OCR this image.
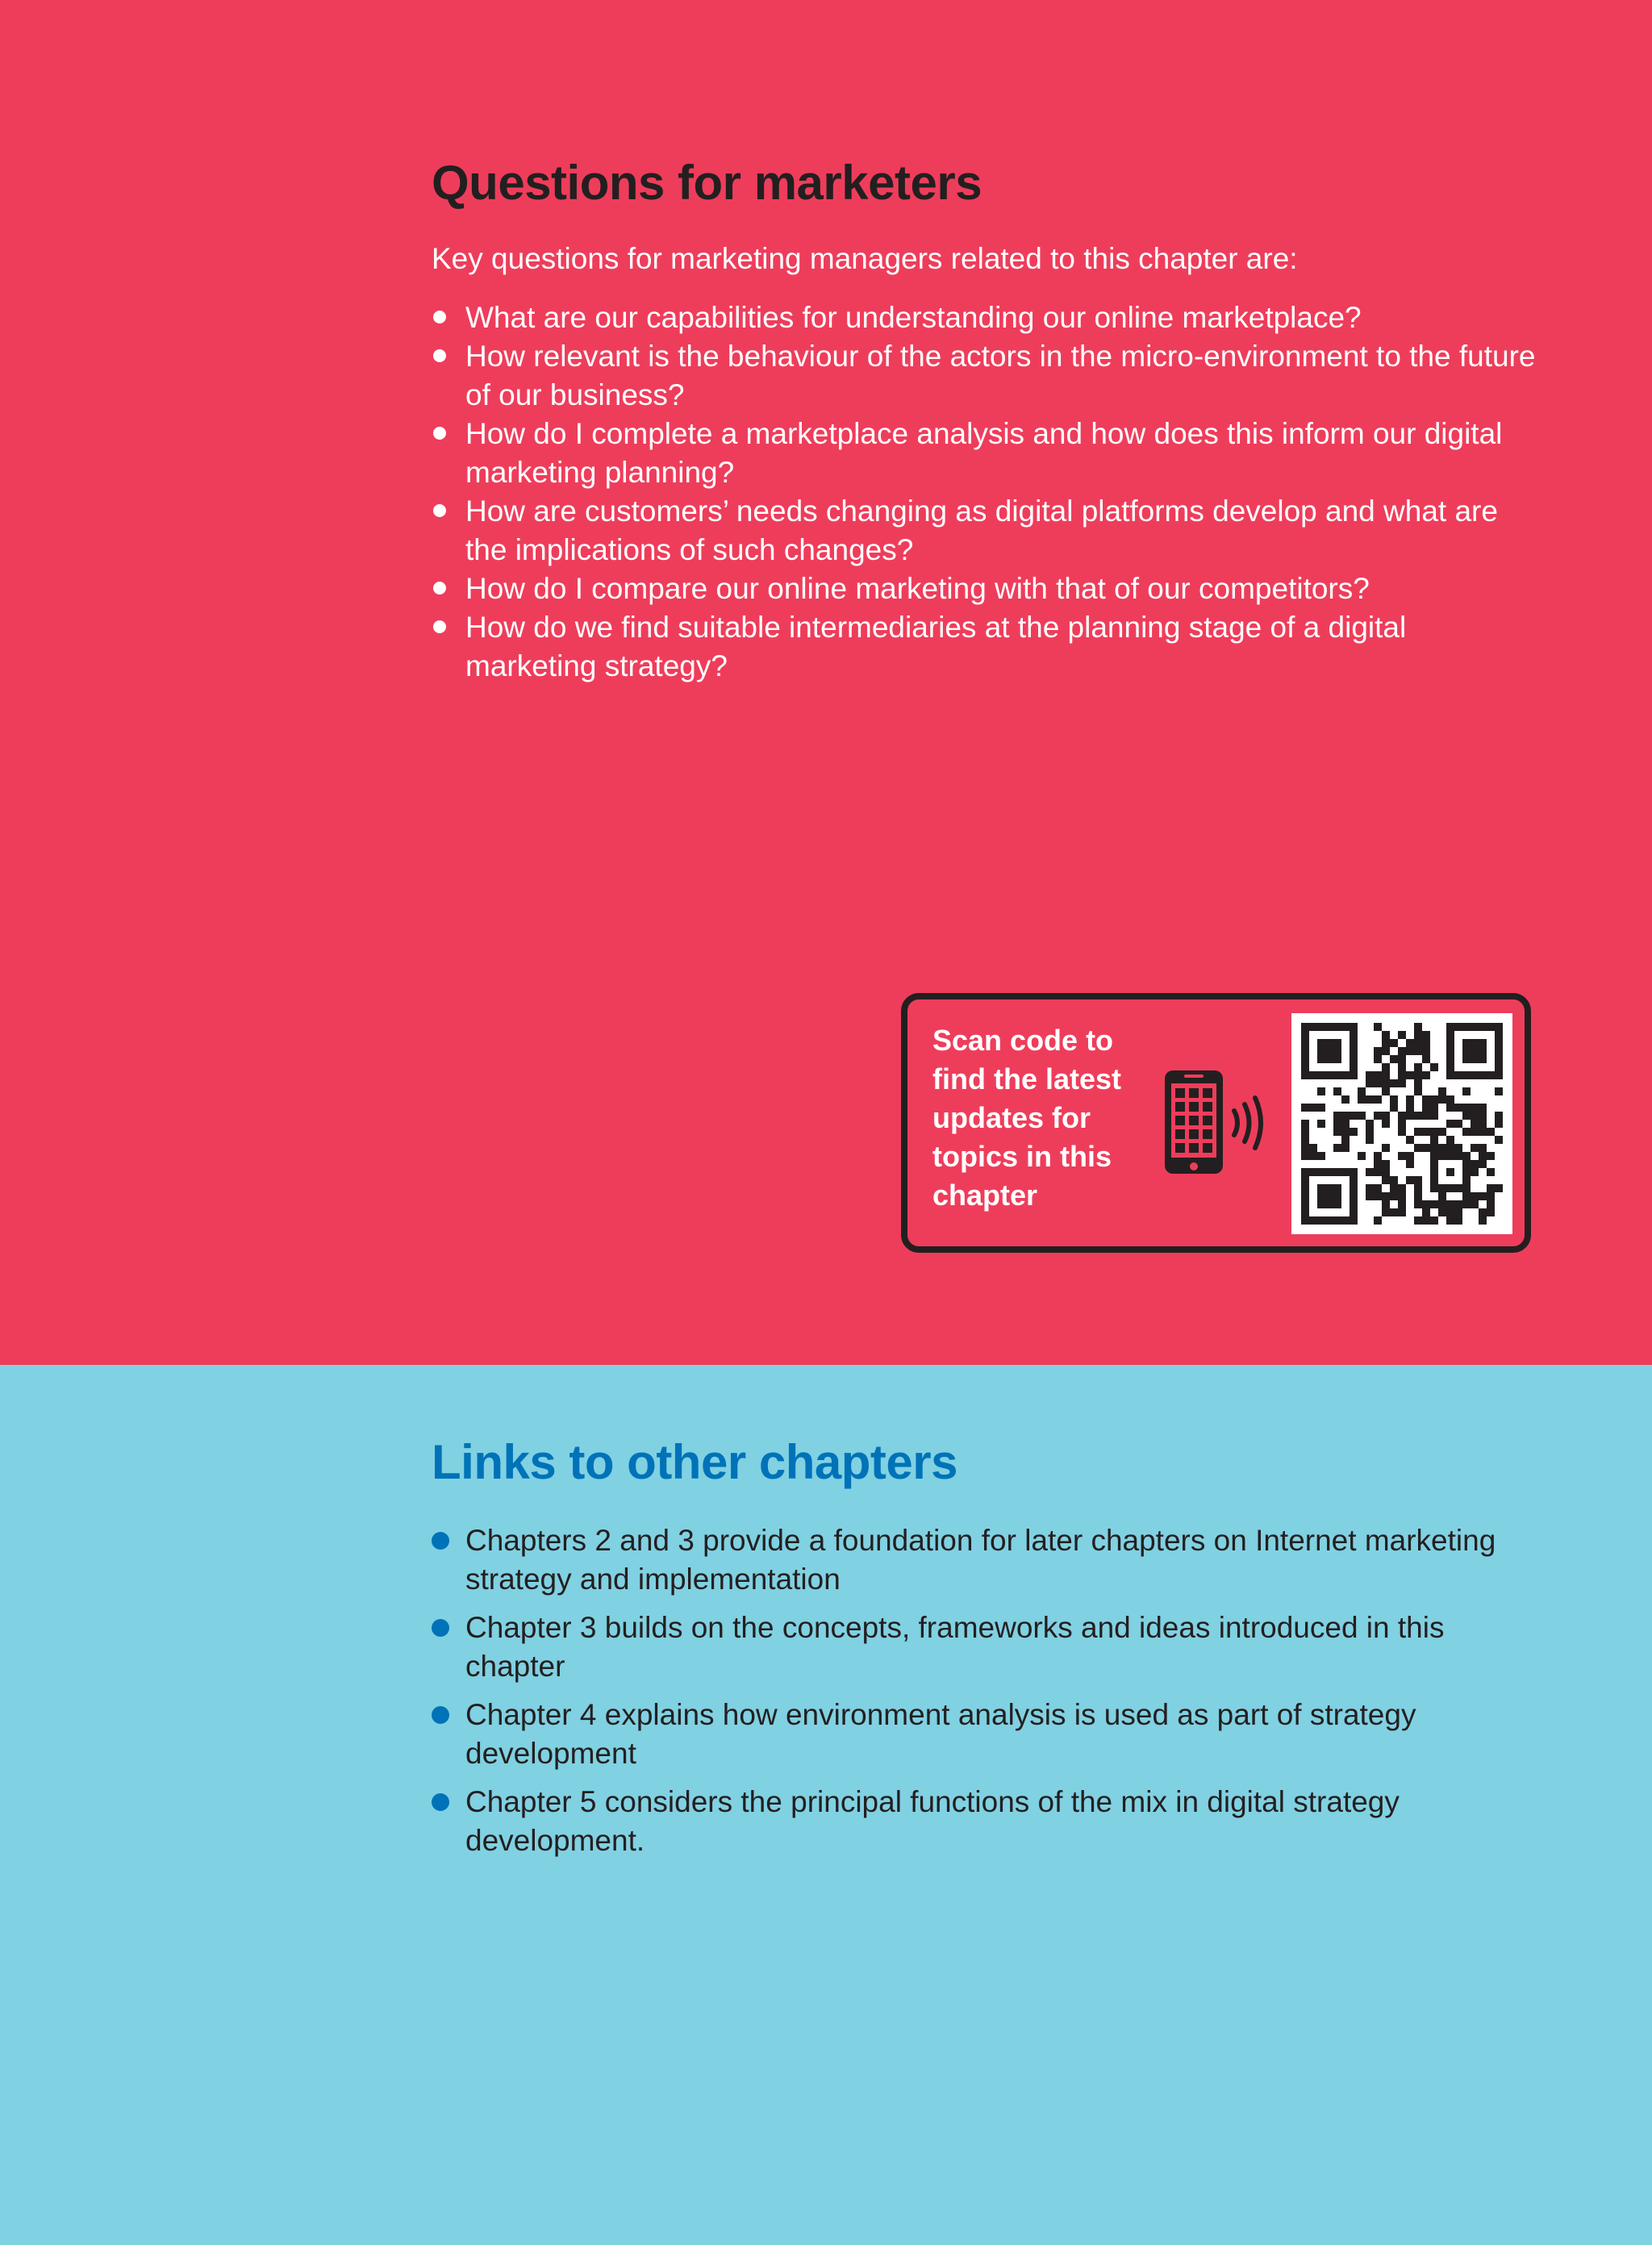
Questions for marketers

Key questions for marketing managers related to this chapter are:

What are our capabilities for understanding our online marketplace?
How relevant is the behaviour of the actors in the micro-environment to the future of our business?
How do I complete a marketplace analysis and how does this inform our digital marketing planning?
How are customers’ needs changing as digital platforms develop and what are the implications of such changes?
How do I compare our online marketing with that of our competitors?
How do we find suitable intermediaries at the planning stage of a digital marketing strategy?

Scan code to find the latest updates for topics in this chapter

Links to other chapters
Chapters 2 and 3 provide a foundation for later chapters on Internet marketing strategy and implementation
Chapter 3 builds on the concepts, frameworks and ideas introduced in this chapter
Chapter 4 explains how environment analysis is used as part of strategy development
Chapter 5 considers the principal functions of the mix in digital strategy development.
